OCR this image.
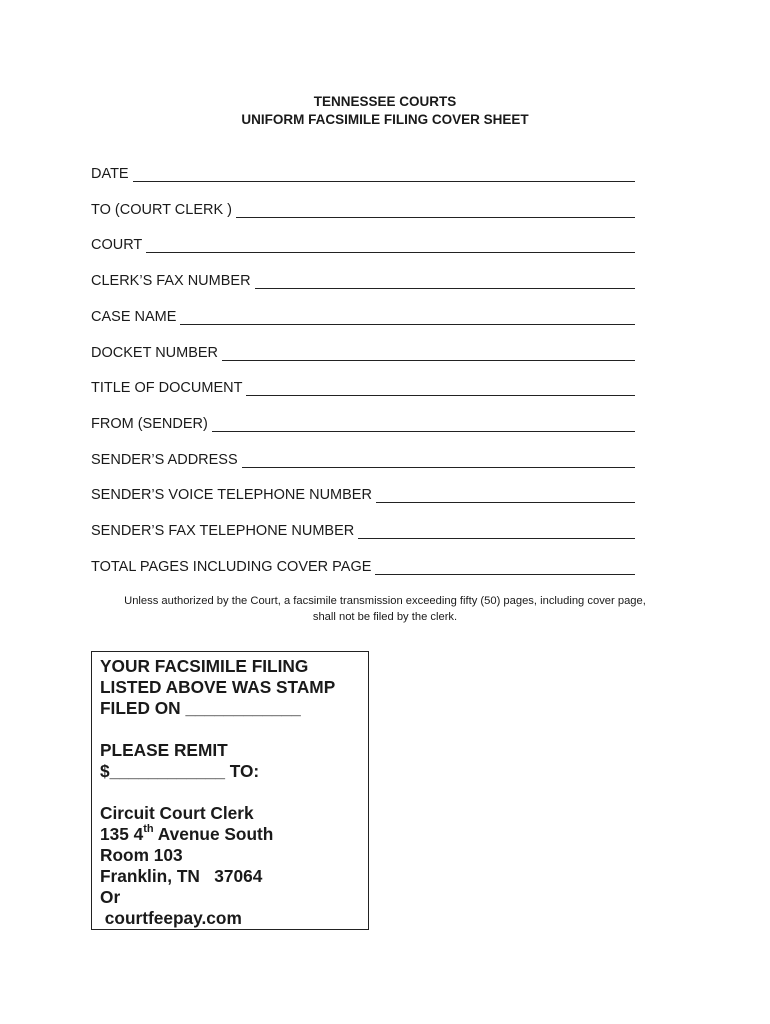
TENNESSEE COURTS
UNIFORM FACSIMILE FILING COVER SHEET
DATE
TO (COURT CLERK )
COURT
CLERK’S FAX NUMBER
CASE NAME
DOCKET NUMBER
TITLE OF DOCUMENT
FROM (SENDER)
SENDER’S ADDRESS
SENDER’S VOICE TELEPHONE NUMBER
SENDER’S FAX TELEPHONE NUMBER
TOTAL PAGES INCLUDING COVER PAGE
Unless authorized by the Court, a facsimile transmission exceeding fifty (50) pages, including cover page,
shall not be filed by the clerk.
YOUR FACSIMILE FILING
LISTED ABOVE WAS STAMP
FILED ON ____________
PLEASE REMIT
$____________ TO:
Circuit Court Clerk
135 4th Avenue South
Room 103
Franklin, TN   37064
Or
courtfeepay.com
